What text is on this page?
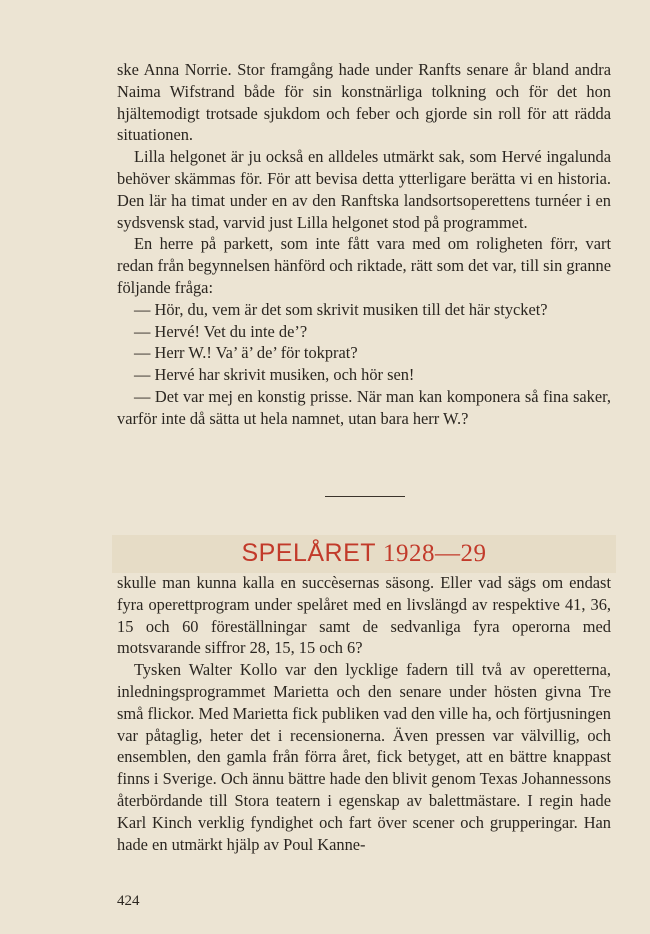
ske Anna Norrie. Stor framgång hade under Ranfts senare år bland andra Naima Wifstrand både för sin konstnärliga tolkning och för det hon hjältemodigt trotsade sjukdom och feber och gjorde sin roll för att rädda situationen.

Lilla helgonet är ju också en alldeles utmärkt sak, som Hervé ingalunda behöver skämmas för. För att bevisa detta ytterligare berätta vi en historia. Den lär ha timat under en av den Ranftska landsortsoperettens turnéer i en sydsvensk stad, varvid just Lilla helgonet stod på programmet.

En herre på parkett, som inte fått vara med om roligheten förr, vart redan från begynnelsen hänförd och riktade, rätt som det var, till sin granne följande fråga:

— Hör, du, vem är det som skrivit musiken till det här stycket?

— Hervé! Vet du inte de’?

— Herr W.! Va’ ä’ de’ för tokprat?

— Hervé har skrivit musiken, och hör sen!

— Det var mej en konstig prisse. När man kan komponera så fina saker, varför inte då sätta ut hela namnet, utan bara herr W.?

SPELÅRET 1928—29

skulle man kunna kalla en succèsernas säsong. Eller vad sägs om endast fyra operettprogram under spelåret med en livslängd av respektive 41, 36, 15 och 60 föreställningar samt de sedvanliga fyra operorna med motsvarande siffror 28, 15, 15 och 6?

Tysken Walter Kollo var den lycklige fadern till två av operetterna, inledningsprogrammet Marietta och den senare under hösten givna Tre små flickor. Med Marietta fick publiken vad den ville ha, och förtjusningen var påtaglig, heter det i recensionerna. Även pressen var välvillig, och ensemblen, den gamla från förra året, fick betyget, att en bättre knappast finns i Sverige. Och ännu bättre hade den blivit genom Texas Johannessons återbördande till Stora teatern i egenskap av balettmästare. I regin hade Karl Kinch verklig fyndighet och fart över scener och grupperingar. Han hade en utmärkt hjälp av Poul Kanne-

424
